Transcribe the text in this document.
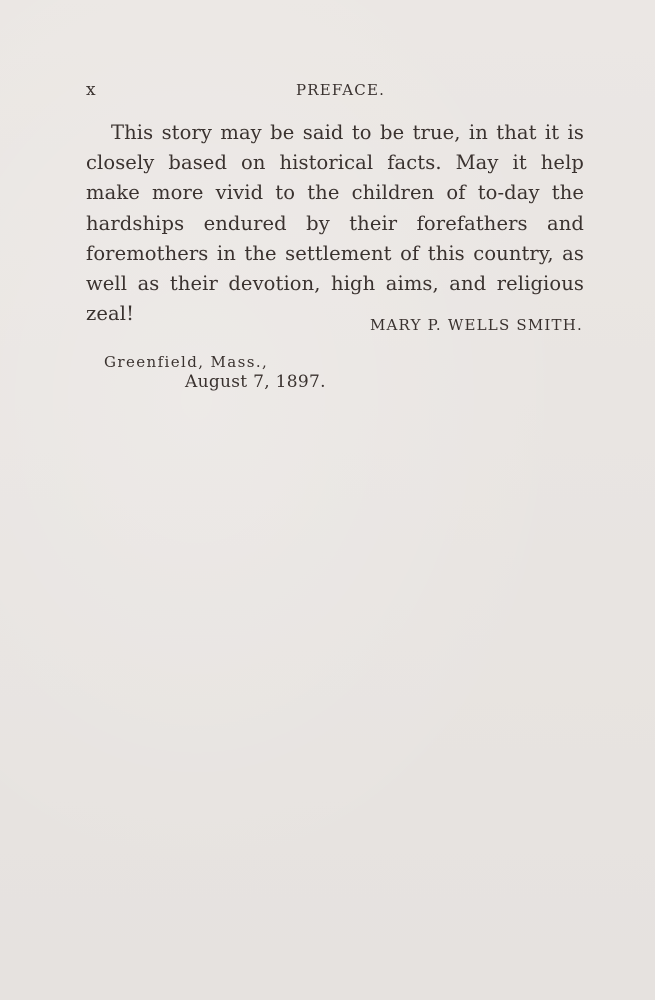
x	PREFACE.

This story may be said to be true, in that it is closely based on historical facts. May it help make more vivid to the children of to-day the hardships endured by their forefathers and foremothers in the settlement of this country, as well as their devotion, high aims, and religious zeal!	MARY P. WELLS SMITH.
Greenfield, Mass.,
August 7, 1897.
